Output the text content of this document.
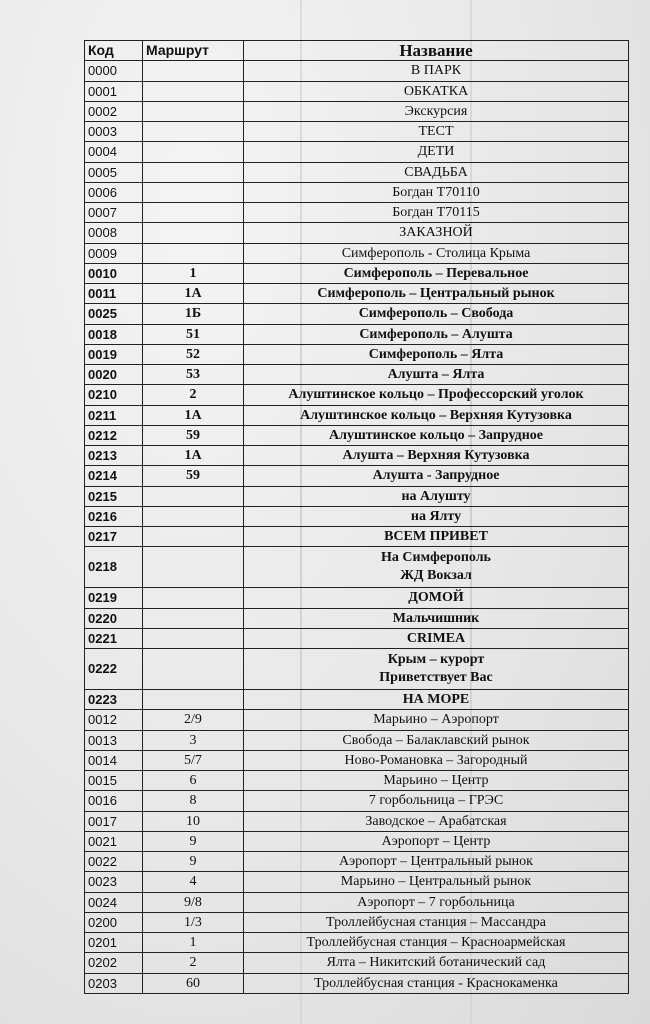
Код	Маршрут	Название
0000		В ПАРК
0001		ОБКАТКА
0002		Экскурсия
0003		ТЕСТ
0004		ДЕТИ
0005		СВАДЬБА
0006		Богдан Т70110
0007		Богдан Т70115
0008		ЗАКАЗНОЙ
0009		Симферополь - Столица Крыма
0010	1	Симферополь – Перевальное
0011	1А	Симферополь – Центральный рынок
0025	1Б	Симферополь – Свобода
0018	51	Симферополь – Алушта
0019	52	Симферополь – Ялта
0020	53	Алушта – Ялта
0210	2	Алуштинское кольцо – Профессорский уголок
0211	1А	Алуштинское кольцо – Верхняя Кутузовка
0212	59	Алуштинское кольцо – Запрудное
0213	1А	Алушта – Верхняя Кутузовка
0214	59	Алушта - Запрудное
0215		на Алушту
0216		на Ялту
0217		ВСЕМ ПРИВЕТ
0218		На Симферополь
ЖД Вокзал

0219		ДОМОЙ
0220		Мальчишник
0221		CRIMEA
0222		Крым – курорт
Приветствует Вас

0223		НА МОРЕ
0012	2/9	Марьино – Аэропорт
0013	3	Свобода – Балаклавский рынок
0014	5/7	Ново-Романовка – Загородный
0015	6	Марьино – Центр
0016	8	7 горбольница – ГРЭС
0017	10	Заводское – Арабатская
0021	9	Аэропорт – Центр
0022	9	Аэропорт – Центральный рынок
0023	4	Марьино – Центральный рынок
0024	9/8	Аэропорт – 7 горбольница
0200	1/3	Троллейбусная станция – Массандра
0201	1	Троллейбусная станция – Красноармейская
0202	2	Ялта – Никитский ботанический сад
0203	60	Троллейбусная станция - Краснокаменка
